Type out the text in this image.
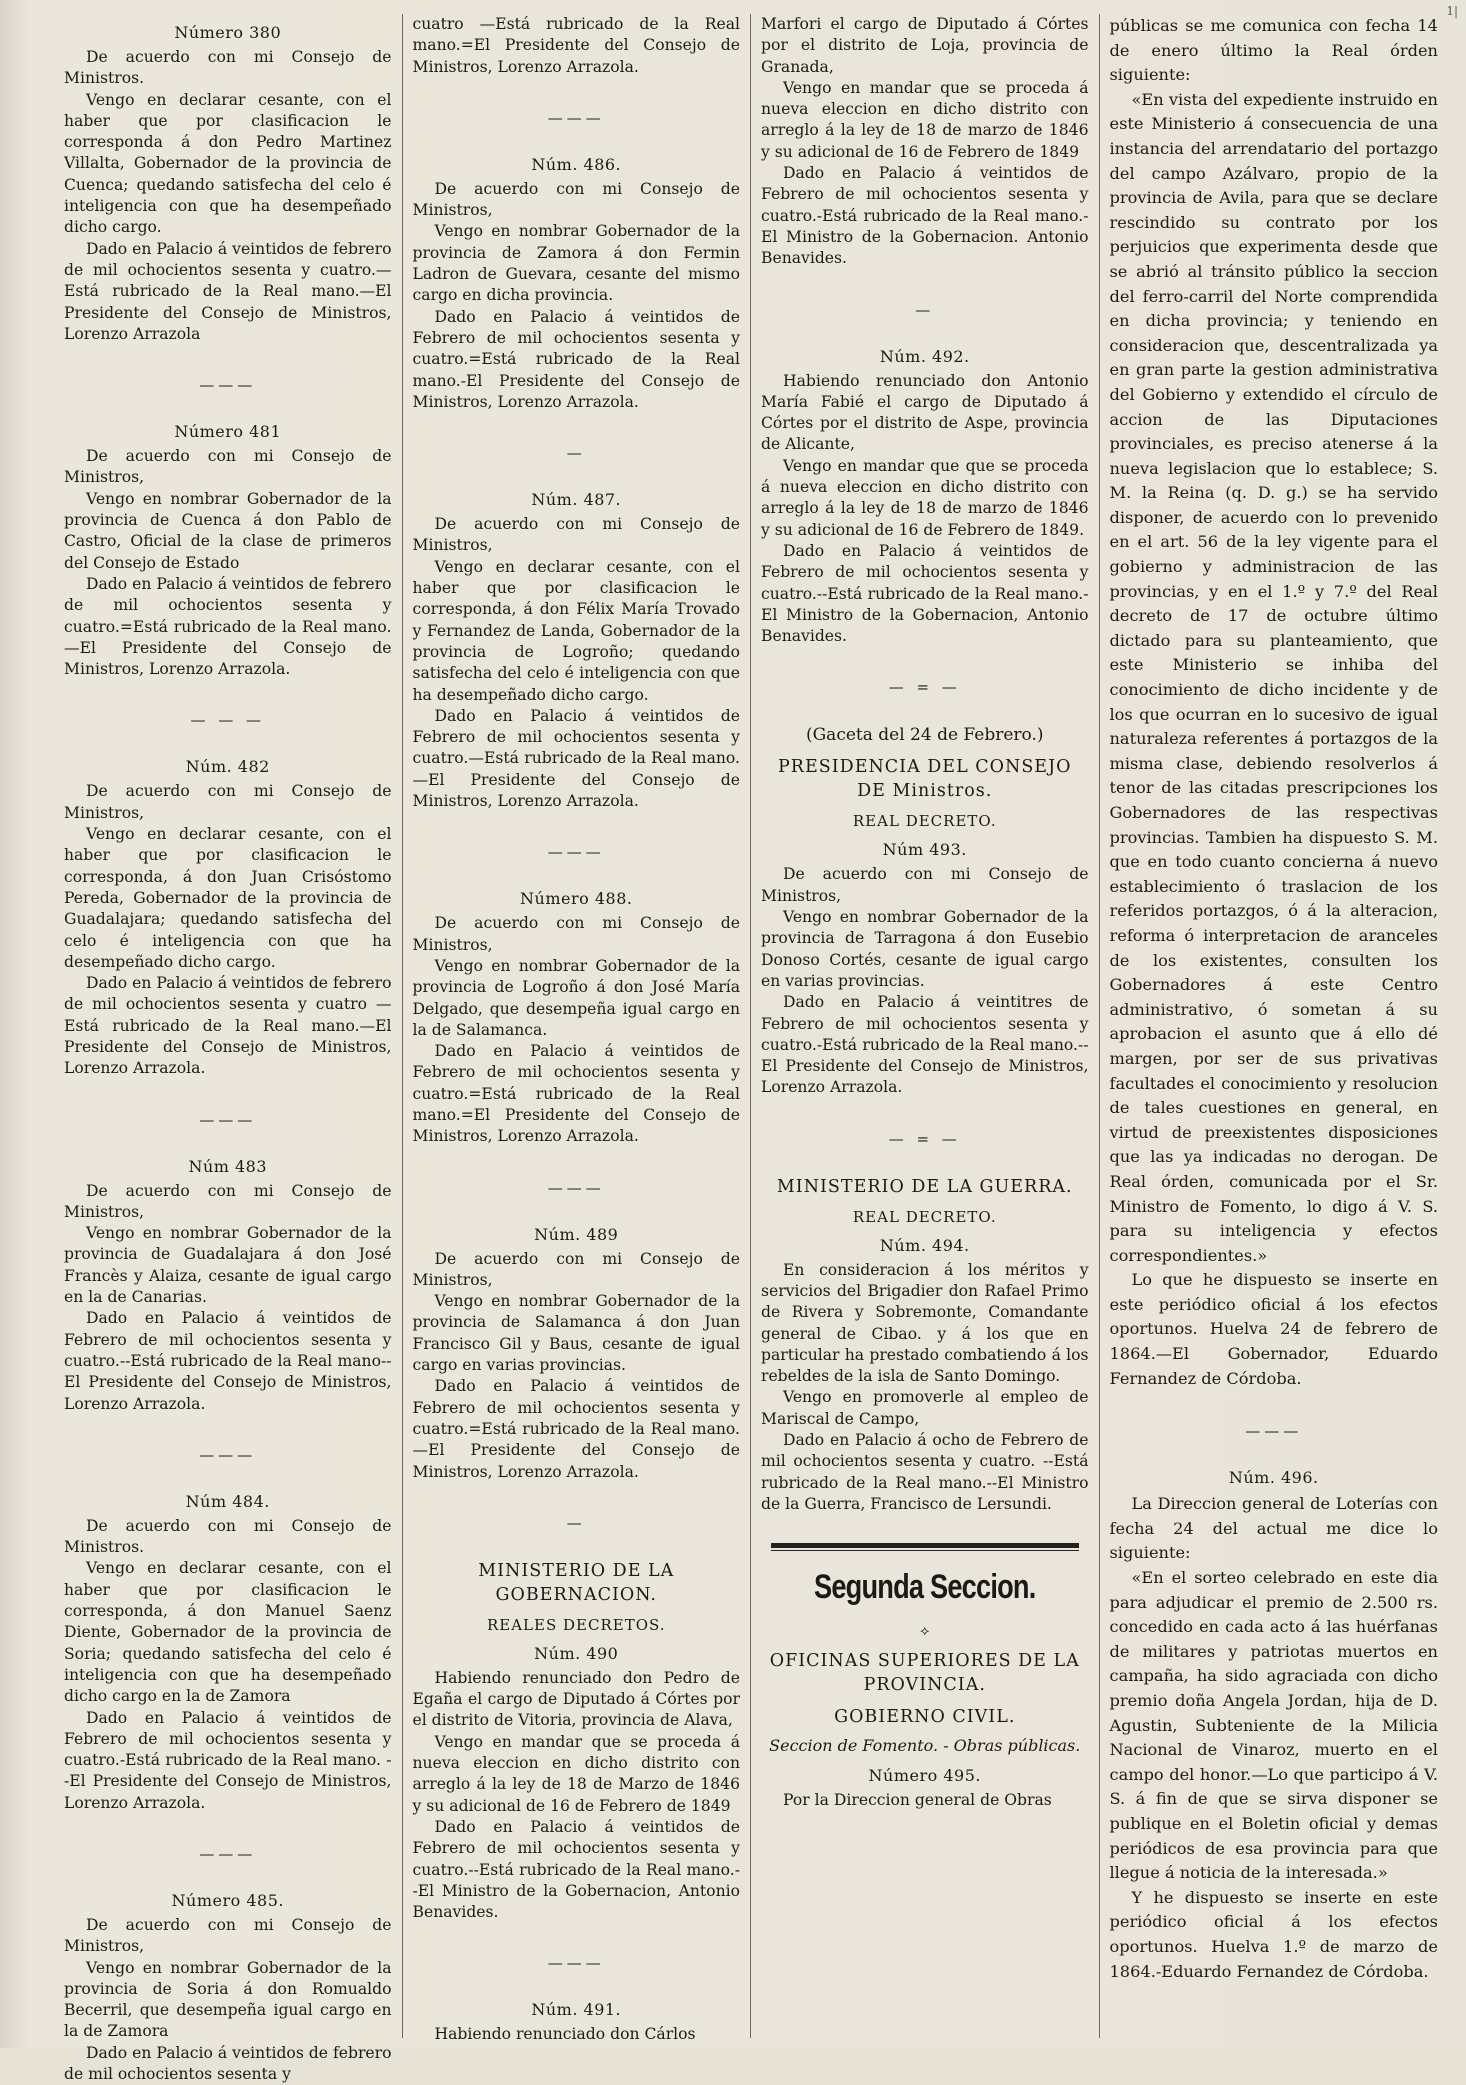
1|
Número 380

De acuerdo con mi Consejo de Ministros.

Vengo en declarar cesante, con el haber que por clasificacion le corresponda á don Pedro Martinez Villalta, Gobernador de la provincia de Cuenca; quedando satisfecha del celo é inteligencia con que ha desempeñado dicho cargo.

Dado en Palacio á veintidos de febrero de mil ochocientos sesenta y cuatro.—Está rubricado de la Real mano.—El Presidente del Consejo de Ministros, Lorenzo Arrazola

———
Número 481

De acuerdo con mi Consejo de Ministros,

Vengo en nombrar Gobernador de la provincia de Cuenca á don Pablo de Castro, Oficial de la clase de primeros del Consejo de Estado

Dado en Palacio á veintidos de febrero de mil ochocientos sesenta y cuatro.=Está rubricado de la Real mano.—El Presidente del Consejo de Ministros, Lorenzo Arrazola.

— — —
Núm. 482

De acuerdo con mi Consejo de Ministros,

Vengo en declarar cesante, con el haber que por clasificacion le corresponda, á don Juan Crisóstomo Pereda, Gobernador de la provincia de Guadalajara; quedando satisfecha del celo é inteligencia con que ha desempeñado dicho cargo.

Dado en Palacio á veintidos de febrero de mil ochocientos sesenta y cuatro —Está rubricado de la Real mano.—El Presidente del Consejo de Ministros, Lorenzo Arrazola.

———
Núm 483

De acuerdo con mi Consejo de Ministros,

Vengo en nombrar Gobernador de la provincia de Guadalajara á don José Francès y Alaiza, cesante de igual cargo en la de Canarias.

Dado en Palacio á veintidos de Febrero de mil ochocientos sesenta y cuatro.--Está rubricado de la Real mano--El Presidente del Consejo de Ministros, Lorenzo Arrazola.

———
Núm 484.

De acuerdo con mi Consejo de Ministros.

Vengo en declarar cesante, con el haber que por clasificacion le corresponda, á don Manuel Saenz Diente, Gobernador de la provincia de Soria; quedando satisfecha del celo é inteligencia con que ha desempeñado dicho cargo en la de Zamora

Dado en Palacio á veintidos de Febrero de mil ochocientos sesenta y cuatro.-Está rubricado de la Real mano. --El Presidente del Consejo de Ministros, Lorenzo Arrazola.

———
Número 485.

De acuerdo con mi Consejo de Ministros,

Vengo en nombrar Gobernador de la provincia de Soria á don Romualdo Becerril, que desempeña igual cargo en la de Zamora

Dado en Palacio á veintidos de febrero de mil ochocientos sesenta y

cuatro —Está rubricado de la Real mano.=El Presidente del Consejo de Ministros, Lorenzo Arrazola.

———
Núm. 486.

De acuerdo con mi Consejo de Ministros,

Vengo en nombrar Gobernador de la provincia de Zamora á don Fermin Ladron de Guevara, cesante del mismo cargo en dicha provincia.

Dado en Palacio á veintidos de Febrero de mil ochocientos sesenta y cuatro.=Está rubricado de la Real mano.-El Presidente del Consejo de Ministros, Lorenzo Arrazola.

—
Núm. 487.

De acuerdo con mi Consejo de Ministros,

Vengo en declarar cesante, con el haber que por clasificacion le corresponda, á don Félix María Trovado y Fernandez de Landa, Gobernador de la provincia de Logroño; quedando satisfecha del celo é inteligencia con que ha desempeñado dicho cargo.

Dado en Palacio á veintidos de Febrero de mil ochocientos sesenta y cuatro.—Está rubricado de la Real mano.—El Presidente del Consejo de Ministros, Lorenzo Arrazola.

———
Número 488.

De acuerdo con mi Consejo de Ministros,

Vengo en nombrar Gobernador de la provincia de Logroño á don José María Delgado, que desempeña igual cargo en la de Salamanca.

Dado en Palacio á veintidos de Febrero de mil ochocientos sesenta y cuatro.=Está rubricado de la Real mano.=El Presidente del Consejo de Ministros, Lorenzo Arrazola.

———
Núm. 489

De acuerdo con mi Consejo de Ministros,

Vengo en nombrar Gobernador de la provincia de Salamanca á don Juan Francisco Gil y Baus, cesante de igual cargo en varias provincias.

Dado en Palacio á veintidos de Febrero de mil ochocientos sesenta y cuatro.=Está rubricado de la Real mano.—El Presidente del Consejo de Ministros, Lorenzo Arrazola.

—
MINISTERIO DE LA GOBERNACION.
REALES DECRETOS.
Núm. 490

Habiendo renunciado don Pedro de Egaña el cargo de Diputado á Córtes por el distrito de Vitoria, provincia de Alava,

Vengo en mandar que se proceda á nueva eleccion en dicho distrito con arreglo á la ley de 18 de Marzo de 1846 y su adicional de 16 de Febrero de 1849

Dado en Palacio á veintidos de Febrero de mil ochocientos sesenta y cuatro.--Está rubricado de la Real mano.--El Ministro de la Gobernacion, Antonio Benavides.

———
Núm. 491.

Habiendo renunciado don Cárlos

Marfori el cargo de Diputado á Córtes por el distrito de Loja, provincia de Granada,

Vengo en mandar que se proceda á nueva eleccion en dicho distrito con arreglo á la ley de 18 de marzo de 1846 y su adicional de 16 de Febrero de 1849

Dado en Palacio á veintidos de Febrero de mil ochocientos sesenta y cuatro.-Está rubricado de la Real mano.-El Ministro de la Gobernacion. Antonio Benavides.

—
Núm. 492.

Habiendo renunciado don Antonio María Fabié el cargo de Diputado á Córtes por el distrito de Aspe, provincia de Alicante,

Vengo en mandar que que se proceda á nueva eleccion en dicho distrito con arreglo á la ley de 18 de marzo de 1846 y su adicional de 16 de Febrero de 1849.

Dado en Palacio á veintidos de Febrero de mil ochocientos sesenta y cuatro.--Está rubricado de la Real mano.-El Ministro de la Gobernacion, Antonio Benavides.

— = —
(Gaceta del 24 de Febrero.)
PRESIDENCIA DEL CONSEJO DE Ministros.
REAL DECRETO.
Núm 493.

De acuerdo con mi Consejo de Ministros,

Vengo en nombrar Gobernador de la provincia de Tarragona á don Eusebio Donoso Cortés, cesante de igual cargo en varias provincias.

Dado en Palacio á veintitres de Febrero de mil ochocientos sesenta y cuatro.-Está rubricado de la Real mano.--El Presidente del Consejo de Ministros, Lorenzo Arrazola.

— = —
MINISTERIO DE LA GUERRA.
REAL DECRETO.
Núm. 494.

En consideracion á los méritos y servicios del Brigadier don Rafael Primo de Rivera y Sobremonte, Comandante general de Cibao. y á los que en particular ha prestado combatiendo á los rebeldes de la isla de Santo Domingo.

Vengo en promoverle al empleo de Mariscal de Campo,

Dado en Palacio á ocho de Febrero de mil ochocientos sesenta y cuatro. --Está rubricado de la Real mano.--El Ministro de la Guerra, Francisco de Lersundi.

Segunda Seccion.
⟡
OFICINAS SUPERIORES DE LA PROVINCIA.
GOBIERNO CIVIL.
Seccion de Fomento. - Obras públicas.
Número 495.

Por la Direccion general de Obras

públicas se me comunica con fecha 14 de enero último la Real órden siguiente:

«En vista del expediente instruido en este Ministerio á consecuencia de una instancia del arrendatario del portazgo del campo Azálvaro, propio de la provincia de Avila, para que se declare rescindido su contrato por los perjuicios que experimenta desde que se abrió al tránsito público la seccion del ferro-carril del Norte comprendida en dicha provincia; y teniendo en consideracion que, descentralizada ya en gran parte la gestion administrativa del Gobierno y extendido el círculo de accion de las Diputaciones provinciales, es preciso atenerse á la nueva legislacion que lo establece; S. M. la Reina (q. D. g.) se ha servido disponer, de acuerdo con lo prevenido en el art. 56 de la ley vigente para el gobierno y administracion de las provincias, y en el 1.º y 7.º del Real decreto de 17 de octubre último dictado para su planteamiento, que este Ministerio se inhiba del conocimiento de dicho incidente y de los que ocurran en lo sucesivo de igual naturaleza referentes á portazgos de la misma clase, debiendo resolverlos á tenor de las citadas prescripciones los Gobernadores de las respectivas provincias. Tambien ha dispuesto S. M. que en todo cuanto concierna á nuevo establecimiento ó traslacion de los referidos portazgos, ó á la alteracion, reforma ó interpretacion de aranceles de los existentes, consulten los Gobernadores á este Centro administrativo, ó sometan á su aprobacion el asunto que á ello dé margen, por ser de sus privativas facultades el conocimiento y resolucion de tales cuestiones en general, en virtud de preexistentes disposiciones que las ya indicadas no derogan. De Real órden, comunicada por el Sr. Ministro de Fomento, lo digo á V. S. para su inteligencia y efectos correspondientes.»

Lo que he dispuesto se inserte en este periódico oficial á los efectos oportunos. Huelva 24 de febrero de 1864.—El Gobernador, Eduardo Fernandez de Córdoba.

———
Núm. 496.

La Direccion general de Loterías con fecha 24 del actual me dice lo siguiente:

«En el sorteo celebrado en este dia para adjudicar el premio de 2.500 rs. concedido en cada acto á las huérfanas de militares y patriotas muertos en campaña, ha sido agraciada con dicho premio doña Angela Jordan, hija de D. Agustin, Subteniente de la Milicia Nacional de Vinaroz, muerto en el campo del honor.—Lo que participo á V. S. á fin de que se sirva disponer se publique en el Boletin oficial y demas periódicos de esa provincia para que llegue á noticia de la interesada.»

Y he dispuesto se inserte en este periódico oficial á los efectos oportunos. Huelva 1.º de marzo de 1864.-Eduardo Fernandez de Córdoba.
